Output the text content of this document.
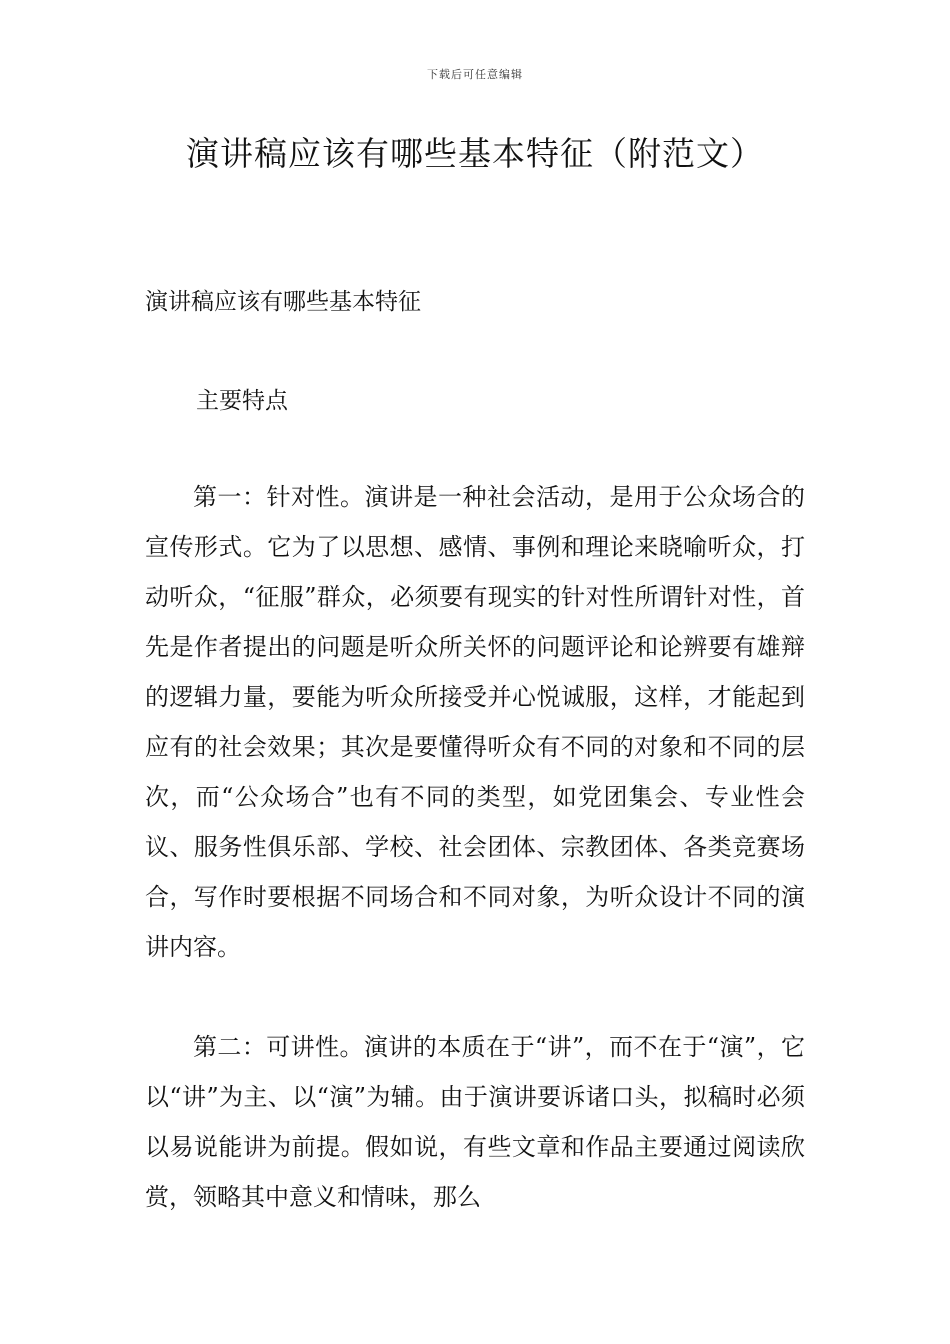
下载后可任意编辑
演讲稿应该有哪些基本特征（附范文）
演讲稿应该有哪些基本特征
主要特点

第一：针对性。演讲是一种社会活动，是用于公众场合的宣传形式。它为了以思想、感情、事例和理论来晓喻听众，打动听众，“征服”群众，必须要有现实的针对性所谓针对性，首先是作者提出的问题是听众所关怀的问题评论和论辨要有雄辩的逻辑力量，要能为听众所接受并心悦诚服，这样，才能起到应有的社会效果；其次是要懂得听众有不同的对象和不同的层次，而“公众场合”也有不同的类型，如党团集会、专业性会议、服务性俱乐部、学校、社会团体、宗教团体、各类竞赛场合，写作时要根据不同场合和不同对象，为听众设计不同的演讲内容。

第二：可讲性。演讲的本质在于“讲”，而不在于“演”，它以“讲”为主、以“演”为辅。由于演讲要诉诸口头，拟稿时必须以易说能讲为前提。假如说，有些文章和作品主要通过阅读欣赏，领略其中意义和情味，那么
